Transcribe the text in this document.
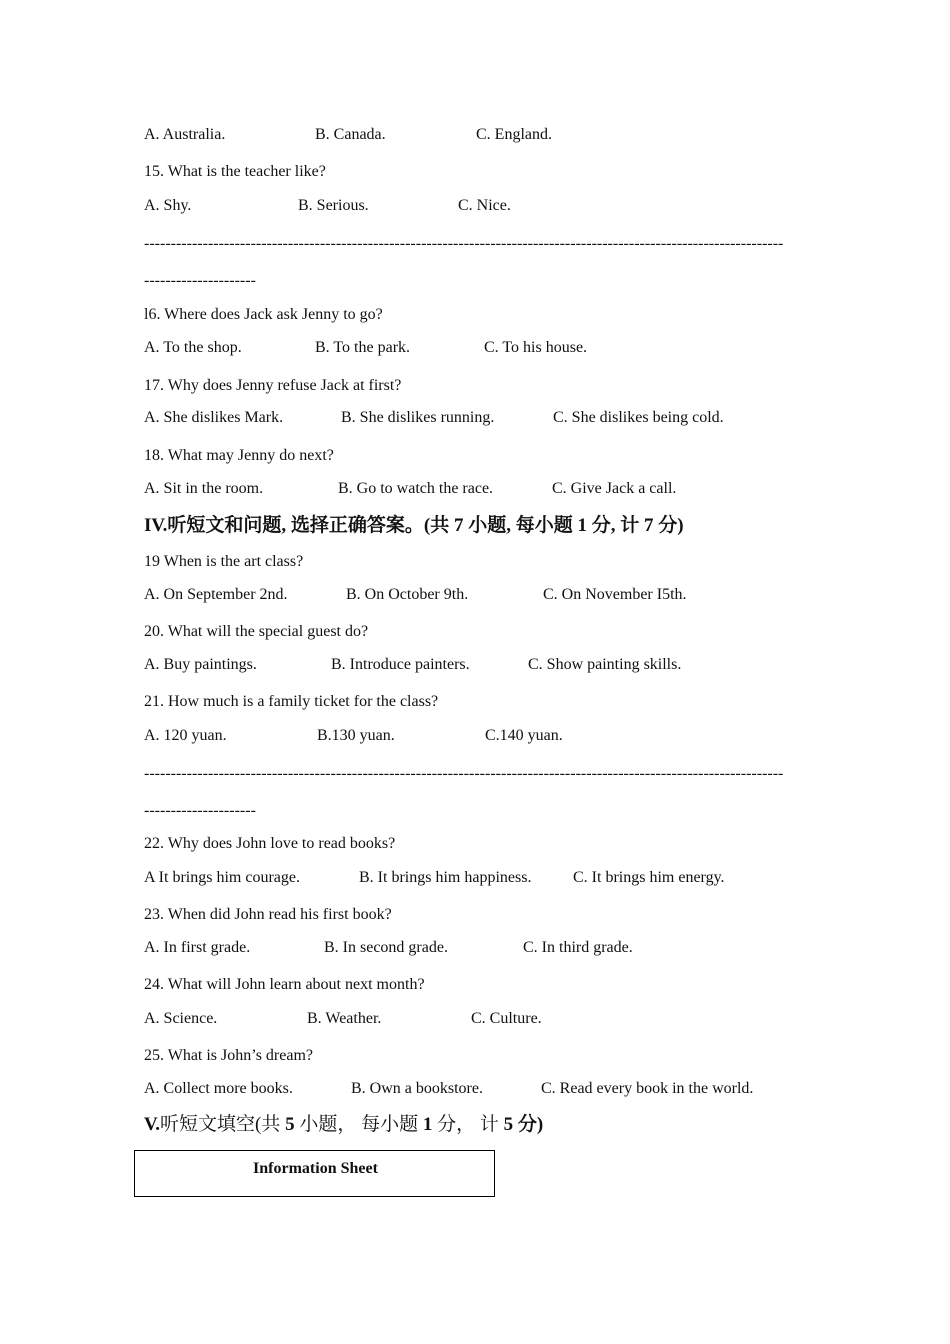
A. Australia.	B. Canada.	C. England.
15. What is the teacher like?
A. Shy.	B. Serious.	C. Nice.
------------------------------------------------------------------------------------------------------------------------
---------------------
l6. Where does Jack ask Jenny to go?
A. To the shop.	B. To the park.	C. To his house.
17. Why does Jenny refuse Jack at first?
A. She dislikes Mark.	B. She dislikes running.	C. She dislikes being cold.
18. What may Jenny do next?
A. Sit in the room.	B. Go to watch the race.	C. Give Jack a call.
IV.听短文和问题, 选择正确答案。(共 7 小题, 每小题 1 分, 计 7 分)
19 When is the art class?
A. On September 2nd.	B. On October 9th.	C. On November I5th.
20. What will the special guest do?
A. Buy paintings.	B. Introduce painters.	C. Show painting skills.
21. How much is a family ticket for the class?
A. 120 yuan.	B.130 yuan.	C.140 yuan.
------------------------------------------------------------------------------------------------------------------------
---------------------
22. Why does John love to read books?
A It brings him courage.	B. It brings him happiness.	C. It brings him energy.
23. When did John read his first book?
A. In first grade.	B. In second grade.	C. In third grade.
24. What will John learn about next month?
A. Science.	B. Weather.	C. Culture.
25. What is John’s dream?
A. Collect more books.	B. Own a bookstore.	C. Read every book in the world.
V.听短文填空(共 5 小题， 每小题 1 分， 计 5 分)
Information Sheet
